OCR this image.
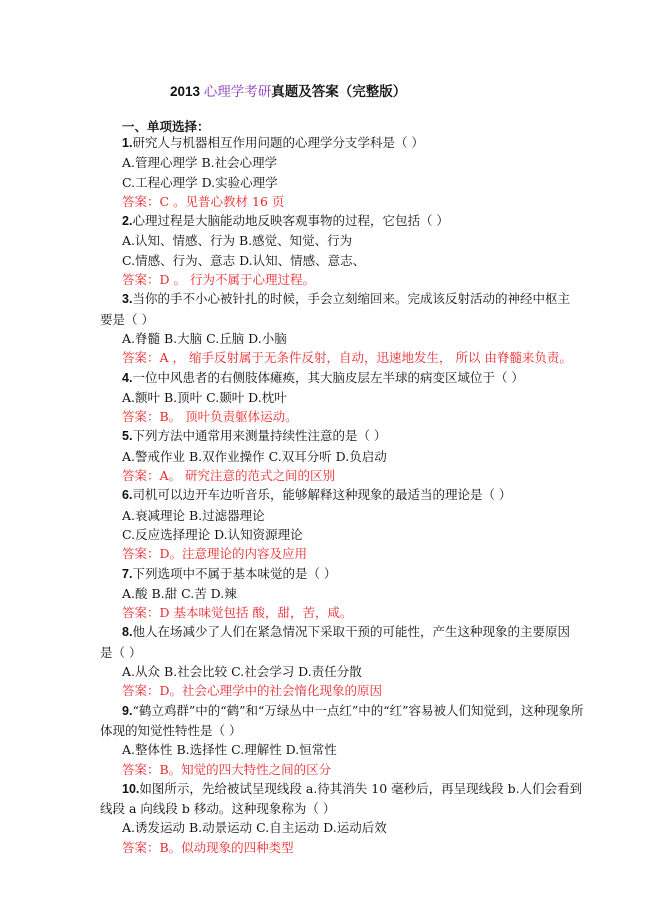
2013 心理学考研真题及答案（完整版）
一、单项选择：
1.研究人与机器相互作用问题的心理学分支学科是（ ）
A.管理心理学 B.社会心理学
C.工程心理学 D.实验心理学
答案：C 。见普心教材 16 页
2.心理过程是大脑能动地反映客观事物的过程，它包括（ ）
A.认知、情感、行为 B.感觉、知觉、行为
C.情感、行为、意志 D.认知、情感、意志、
答案：D 。 行为不属于心理过程。
3.当你的手不小心被针扎的时候，手会立刻缩回来。完成该反射活动的神经中枢主
要是（ ）
A.脊髓 B.大脑 C.丘脑 D.小脑
答案：A ， 缩手反射属于无条件反射，自动，迅速地发生， 所以 由脊髓来负责。
4.一位中风患者的右侧肢体瘫痪，其大脑皮层左半球的病变区域位于（ ）
A.额叶 B.顶叶 C.颞叶 D.枕叶
答案：B。 顶叶负责躯体运动。
5.下列方法中通常用来测量持续性注意的是（ ）
A.警戒作业 B.双作业操作 C.双耳分听 D.负启动
答案：A。 研究注意的范式之间的区别
6.司机可以边开车边听音乐，能够解释这种现象的最适当的理论是（ ）
A.衰减理论 B.过滤器理论
C.反应选择理论 D.认知资源理论
答案：D。注意理论的内容及应用
7.下列选项中不属于基本味觉的是（ ）
A.酸 B.甜 C.苦 D.辣
答案：D 基本味觉包括 酸，甜，苦，咸。
8.他人在场减少了人们在紧急情况下采取干预的可能性，产生这种现象的主要原因
是（ ）
A.从众 B.社会比较 C.社会学习 D.责任分散
答案：D。社会心理学中的社会惰化现象的原因
9.“鹤立鸡群”中的“鹤”和“万绿丛中一点红”中的“红”容易被人们知觉到，这种现象所
体现的知觉性特性是（ ）
A.整体性 B.选择性 C.理解性 D.恒常性
答案：B。知觉的四大特性之间的区分
10.如图所示，先给被试呈现线段 a.待其消失 10 毫秒后，再呈现线段 b.人们会看到
线段 a 向线段 b 移动。这种现象称为（ ）
A.诱发运动 B.动景运动 C.自主运动 D.运动后效
答案：B。似动现象的四种类型
